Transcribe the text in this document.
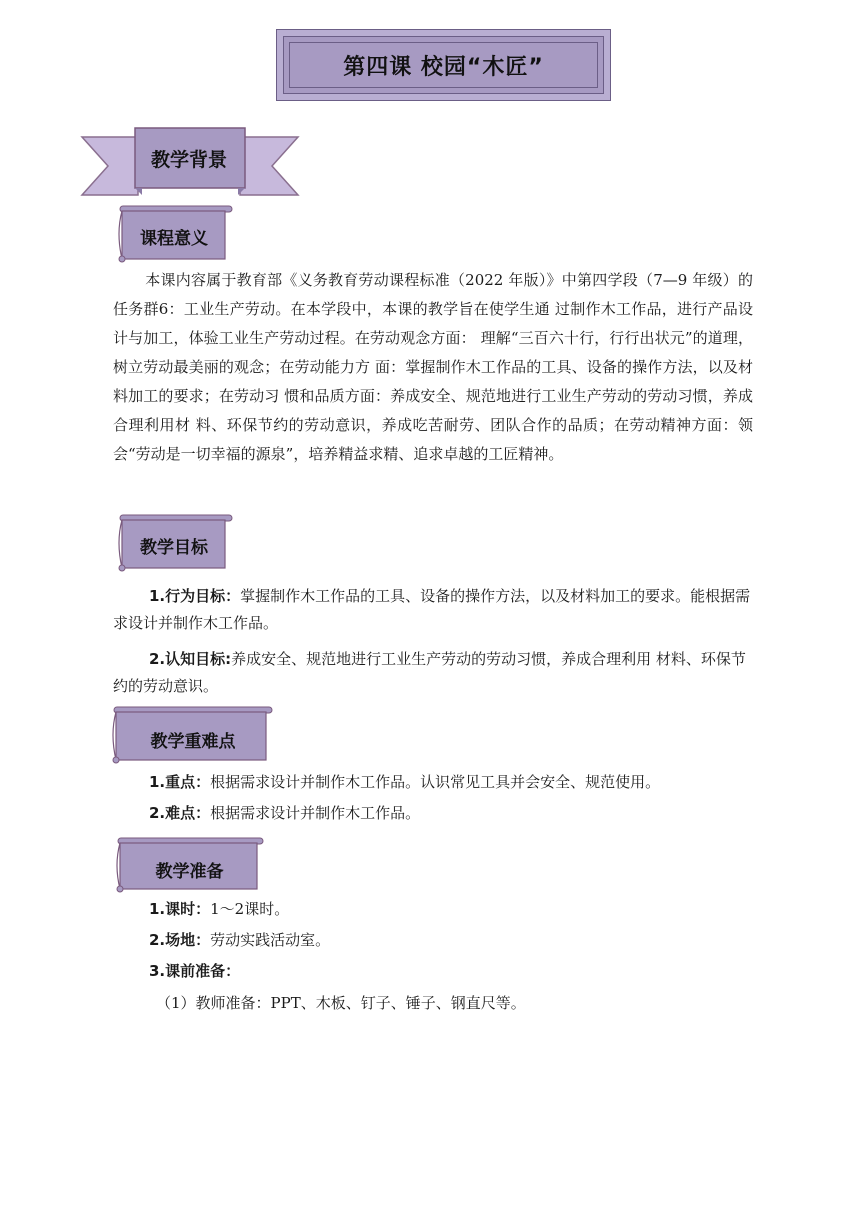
第四课 校园“木匠”
教学背景
课程意义
本课内容属于教育部《义务教育劳动课程标准（2022 年版）》中第四学段（7—9 年级）的任务群6：工业生产劳动。在本学段中，本课的教学旨在使学生通 过制作木工作品，进行产品设计与加工，体验工业生产劳动过程。在劳动观念方面： 理解“三百六十行，行行出状元”的道理，树立劳动最美丽的观念；在劳动能力方 面：掌握制作木工作品的工具、设备的操作方法，以及材料加工的要求；在劳动习 惯和品质方面：养成安全、规范地进行工业生产劳动的劳动习惯，养成合理利用材 料、环保节约的劳动意识，养成吃苦耐劳、团队合作的品质；在劳动精神方面：领 会“劳动是一切幸福的源泉”，培养精益求精、追求卓越的工匠精神。
教学目标
1.行为目标：掌握制作木工作品的工具、设备的操作方法，以及材料加工的要求。能根据需求设计并制作木工作品。
2.认知目标:养成安全、规范地进行工业生产劳动的劳动习惯，养成合理利用 材料、环保节约的劳动意识。
教学重难点
1.重点：根据需求设计并制作木工作品。认识常见工具并会安全、规范使用。
2.难点：根据需求设计并制作木工作品。
教学准备
1.课时：1～2课时。
2.场地：劳动实践活动室。
3.课前准备：
（1）教师准备：PPT、木板、钉子、锤子、钢直尺等。
